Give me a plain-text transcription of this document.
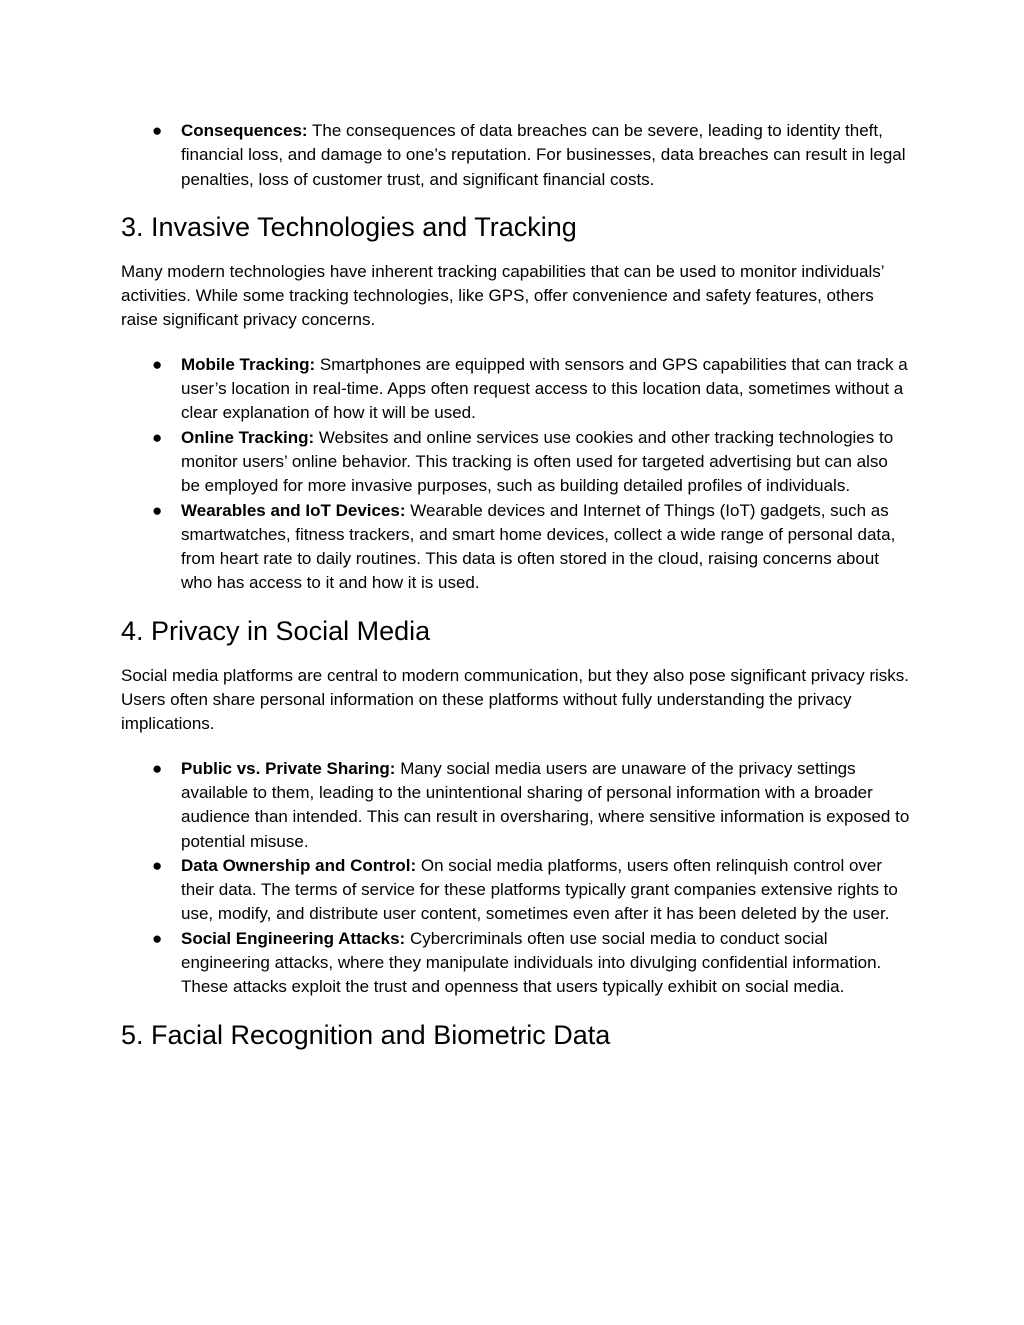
● Consequences: The consequences of data breaches can be severe, leading to identity theft, financial loss, and damage to one’s reputation. For businesses, data breaches can result in legal penalties, loss of customer trust, and significant financial costs.
3. Invasive Technologies and Tracking

Many modern technologies have inherent tracking capabilities that can be used to monitor individuals’ activities. While some tracking technologies, like GPS, offer convenience and safety features, others raise significant privacy concerns.

● Mobile Tracking: Smartphones are equipped with sensors and GPS capabilities that can track a user’s location in real-time. Apps often request access to this location data, sometimes without a clear explanation of how it will be used.
● Online Tracking: Websites and online services use cookies and other tracking technologies to monitor users’ online behavior. This tracking is often used for targeted advertising but can also be employed for more invasive purposes, such as building detailed profiles of individuals.
● Wearables and IoT Devices: Wearable devices and Internet of Things (IoT) gadgets, such as smartwatches, fitness trackers, and smart home devices, collect a wide range of personal data, from heart rate to daily routines. This data is often stored in the cloud, raising concerns about who has access to it and how it is used.
4. Privacy in Social Media

Social media platforms are central to modern communication, but they also pose significant privacy risks. Users often share personal information on these platforms without fully understanding the privacy implications.

● Public vs. Private Sharing: Many social media users are unaware of the privacy settings available to them, leading to the unintentional sharing of personal information with a broader audience than intended. This can result in oversharing, where sensitive information is exposed to potential misuse.
● Data Ownership and Control: On social media platforms, users often relinquish control over their data. The terms of service for these platforms typically grant companies extensive rights to use, modify, and distribute user content, sometimes even after it has been deleted by the user.
● Social Engineering Attacks: Cybercriminals often use social media to conduct social engineering attacks, where they manipulate individuals into divulging confidential information. These attacks exploit the trust and openness that users typically exhibit on social media.
5. Facial Recognition and Biometric Data
